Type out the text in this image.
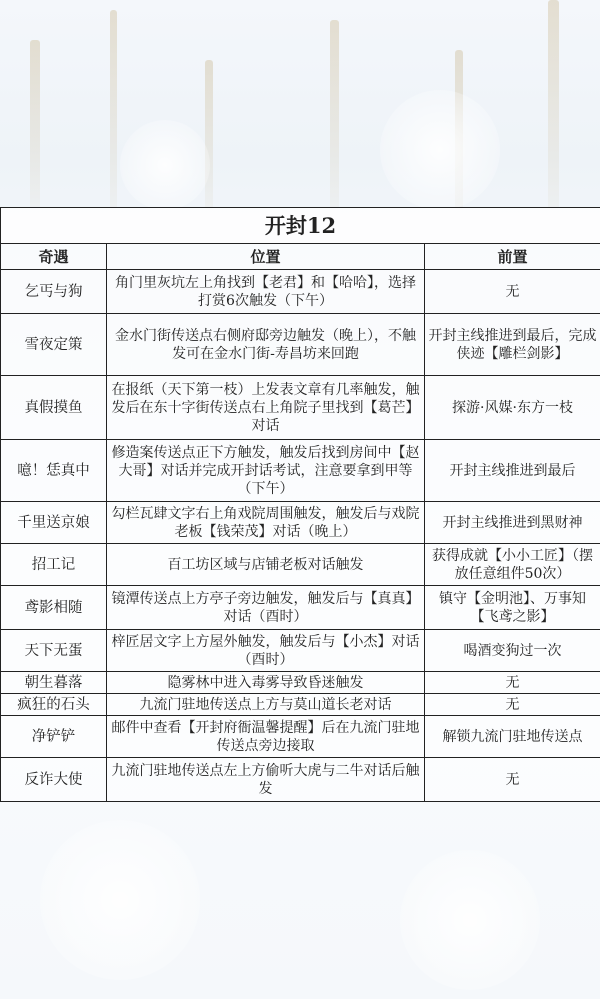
开封12		
奇遇	位置	前置
乞丐与狗	角门里灰坑左上角找到【老君】和【哈哈】，选择打赏6次触发（下午）	无
雪夜定策	金水门街传送点右侧府邸旁边触发（晚上），不触发可在金水门街-寿昌坊来回跑	开封主线推进到最后，完成侠迹【雕栏剑影】
真假摸鱼	在报纸（天下第一枝）上发表文章有几率触发，触发后在东十字街传送点右上角院子里找到【葛芒】对话	探游·风媒·东方一枝
噫！恁真中	修造案传送点正下方触发，触发后找到房间中【赵大哥】对话并完成开封话考试，注意要拿到甲等（下午）	开封主线推进到最后
千里送京娘	勾栏瓦肆文字右上角戏院周围触发，触发后与戏院老板【钱荣茂】对话（晚上）	开封主线推进到黑财神
招工记	百工坊区域与店铺老板对话触发	获得成就【小小工匠】（摆放任意组件50次）
鸢影相随	镜潭传送点上方亭子旁边触发，触发后与【真真】对话（酉时）	镇守【金明池】、万事知【飞鸢之影】
天下无蛋	梓匠居文字上方屋外触发，触发后与【小杰】对话（酉时）	喝酒变狗过一次
朝生暮落	隐雾林中进入毒雾导致昏迷触发	无
疯狂的石头	九流门驻地传送点上方与莫山道长老对话	无
净铲铲	邮件中查看【开封府衙温馨提醒】后在九流门驻地传送点旁边接取	解锁九流门驻地传送点
反诈大使	九流门驻地传送点左上方偷听大虎与二牛对话后触发	无
